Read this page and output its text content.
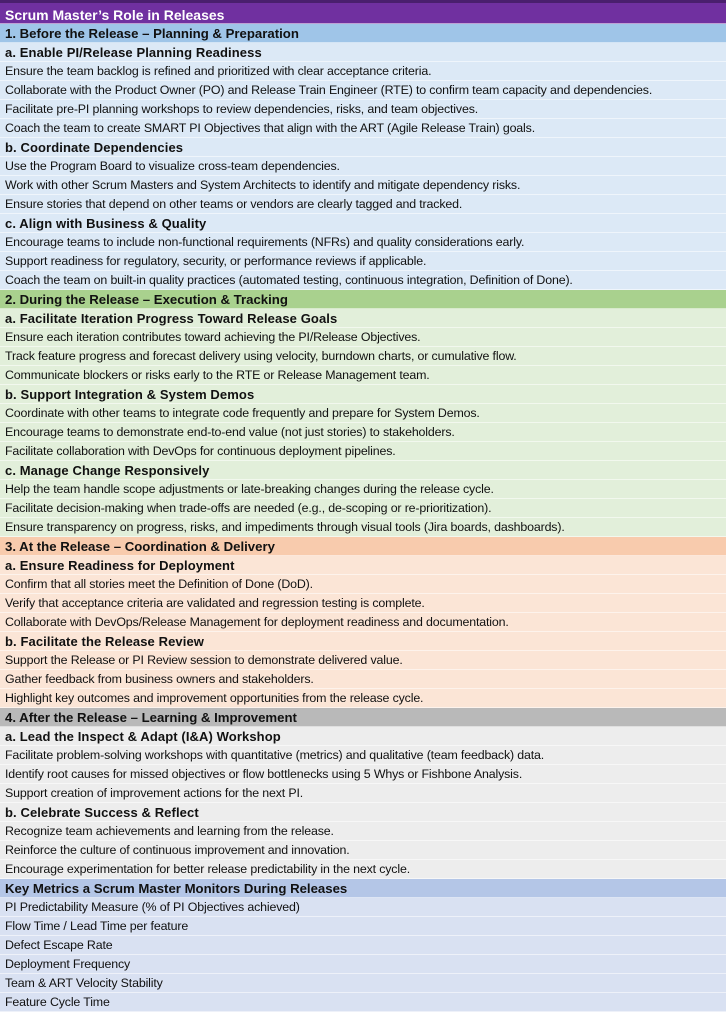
Scrum Master’s Role in Releases
1. Before the Release – Planning & Preparation
a. Enable PI/Release Planning Readiness
Ensure the team backlog is refined and prioritized with clear acceptance criteria.
Collaborate with the Product Owner (PO) and Release Train Engineer (RTE) to confirm team capacity and dependencies.
Facilitate pre-PI planning workshops to review dependencies, risks, and team objectives.
Coach the team to create SMART PI Objectives that align with the ART (Agile Release Train) goals.
b. Coordinate Dependencies
Use the Program Board to visualize cross-team dependencies.
Work with other Scrum Masters and System Architects to identify and mitigate dependency risks.
Ensure stories that depend on other teams or vendors are clearly tagged and tracked.
c. Align with Business & Quality
Encourage teams to include non-functional requirements (NFRs) and quality considerations early.
Support readiness for regulatory, security, or performance reviews if applicable.
Coach the team on built-in quality practices (automated testing, continuous integration, Definition of Done).
2. During the Release – Execution & Tracking
a. Facilitate Iteration Progress Toward Release Goals
Ensure each iteration contributes toward achieving the PI/Release Objectives.
Track feature progress and forecast delivery using velocity, burndown charts, or cumulative flow.
Communicate blockers or risks early to the RTE or Release Management team.
b. Support Integration & System Demos
Coordinate with other teams to integrate code frequently and prepare for System Demos.
Encourage teams to demonstrate end-to-end value (not just stories) to stakeholders.
Facilitate collaboration with DevOps for continuous deployment pipelines.
c. Manage Change Responsively
Help the team handle scope adjustments or late-breaking changes during the release cycle.
Facilitate decision-making when trade-offs are needed (e.g., de-scoping or re-prioritization).
Ensure transparency on progress, risks, and impediments through visual tools (Jira boards, dashboards).
3. At the Release – Coordination & Delivery
a. Ensure Readiness for Deployment
Confirm that all stories meet the Definition of Done (DoD).
Verify that acceptance criteria are validated and regression testing is complete.
Collaborate with DevOps/Release Management for deployment readiness and documentation.
b. Facilitate the Release Review
Support the Release or PI Review session to demonstrate delivered value.
Gather feedback from business owners and stakeholders.
Highlight key outcomes and improvement opportunities from the release cycle.
4. After the Release – Learning & Improvement
a. Lead the Inspect & Adapt (I&A) Workshop
Facilitate problem-solving workshops with quantitative (metrics) and qualitative (team feedback) data.
Identify root causes for missed objectives or flow bottlenecks using 5 Whys or Fishbone Analysis.
Support creation of improvement actions for the next PI.
b. Celebrate Success & Reflect
Recognize team achievements and learning from the release.
Reinforce the culture of continuous improvement and innovation.
Encourage experimentation for better release predictability in the next cycle.
Key Metrics a Scrum Master Monitors During Releases
PI Predictability Measure (% of PI Objectives achieved)
Flow Time / Lead Time per feature
Defect Escape Rate
Deployment Frequency
Team & ART Velocity Stability
Feature Cycle Time
